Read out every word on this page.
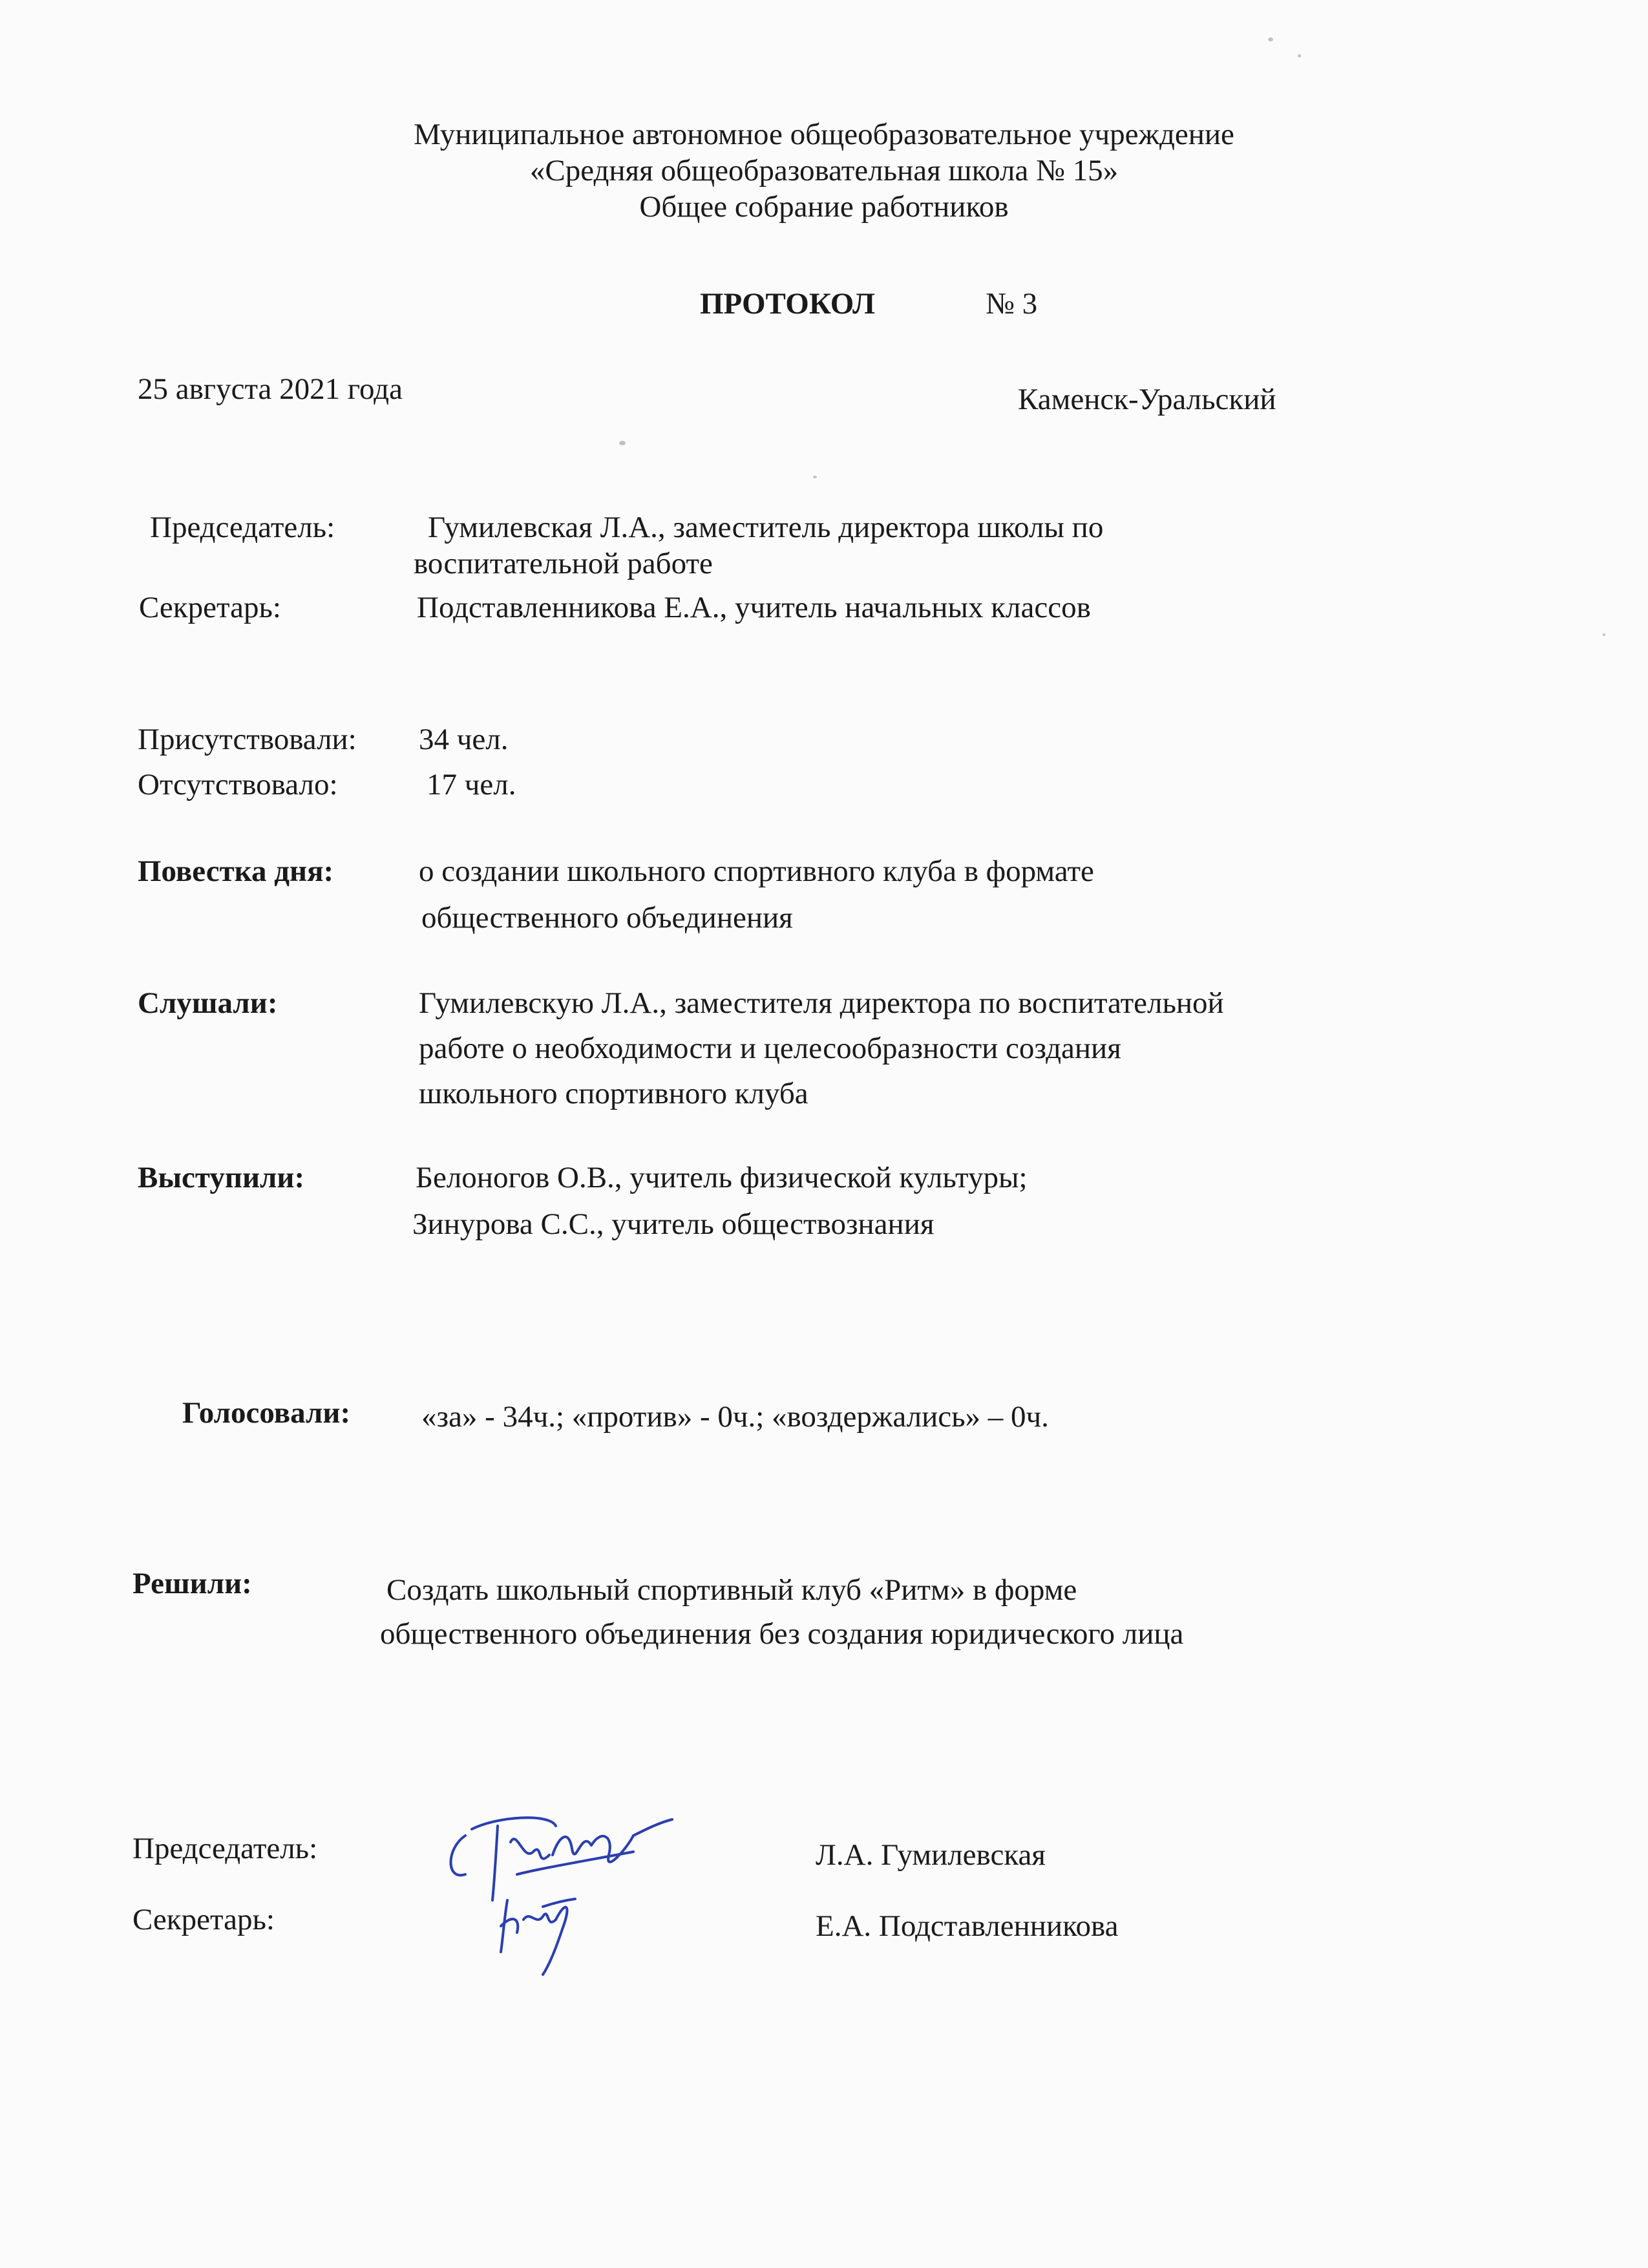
Муниципальное автономное общеобразовательное учреждение
«Средняя общеобразовательная школа № 15»
Общее собрание работников
ПРОТОКОЛ	№ 3
25 августа 2021 года	Каменск-Уральский
Председатель:	Гумилевская Л.А., заместитель директора школы по
воспитательной работе
Секретарь:	Подставленникова Е.А., учитель начальных классов
Присутствовали: 34 чел.
Отсутствовало:	17 чел.
Повестка дня:	о создании школьного спортивного клуба в формате
общественного объединения
Слушали:	Гумилевскую Л.А., заместителя директора по воспитательной
работе о необходимости и целесообразности создания
школьного спортивного клуба
Выступили:	Белоногов О.В., учитель физической культуры;
Зинурова С.С., учитель обществознания
Голосовали: «за» - 34ч.; «против» - 0ч.; «воздержались» – 0ч.
Решили:	Создать школьный спортивный клуб «Ритм» в форме
общественного объединения без создания юридического лица
Председатель:	Л.А. Гумилевская
Секретарь:	Е.А. Подставленникова
